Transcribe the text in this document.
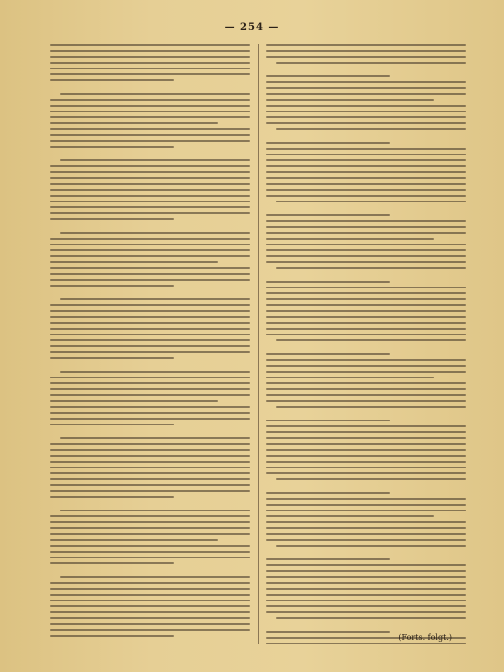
— 254 —
(Forts. folgt.)
